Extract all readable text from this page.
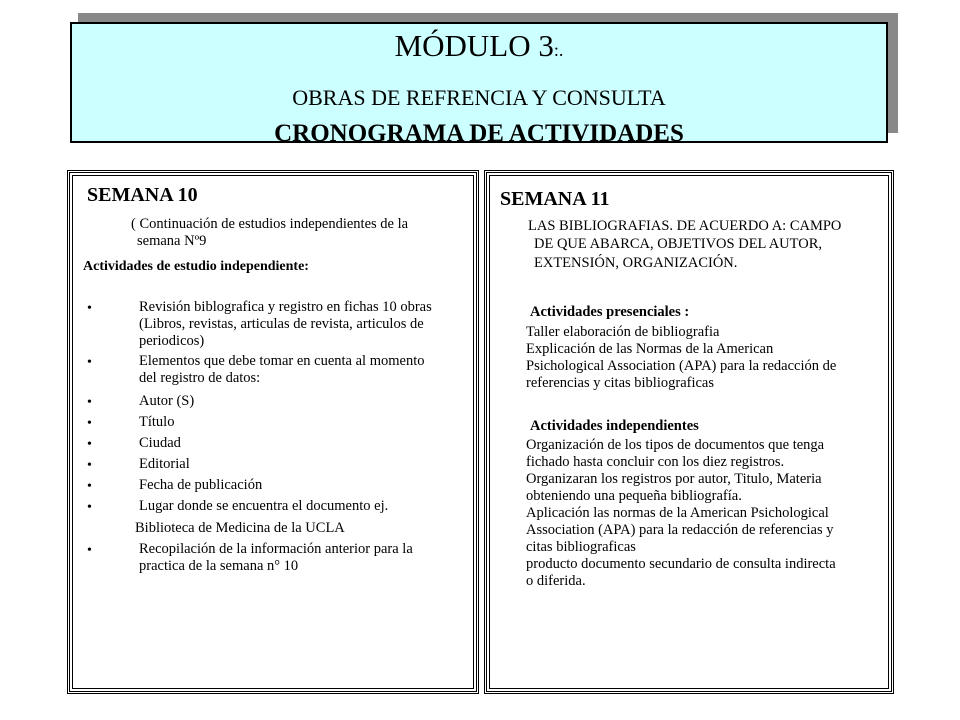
MÓDULO 3:.
OBRAS DE REFRENCIA Y CONSULTA
CRONOGRAMA DE ACTIVIDADES
SEMANA 10
( Continuación de estudios independientes de la
semana Nº9
Actividades de estudio independiente:
•	Revisión biblografica y registro en fichas 10 obras
(Libros, revistas, articulas de revista, articulos de
periodicos)
•	Elementos que debe tomar en cuenta al momento
del registro de datos:
•	Autor (S)
•	Título
•	Ciudad
•	Editorial
•	Fecha de publicación
•	Lugar donde se encuentra el documento ej.
Biblioteca de Medicina de la UCLA
•	Recopilación de la información anterior para la
practica de la semana n° 10
SEMANA 11
LAS BIBLIOGRAFIAS. DE ACUERDO A: CAMPO
DE QUE ABARCA, OBJETIVOS DEL AUTOR,
EXTENSIÓN, ORGANIZACIÓN.
Actividades presenciales :
Taller elaboración de bibliografia
Explicación de las Normas de la American
Psichological Association (APA) para la redacción de
referencias y citas bibliograficas
Actividades independientes
Organización de los tipos de documentos que tenga
fichado hasta concluir con los diez registros.
Organizaran los registros por autor, Titulo, Materia
obteniendo una pequeña bibliografía.
Aplicación las normas de la American Psichological
Association (APA) para la redacción de referencias y
citas bibliograficas
producto documento secundario de consulta indirecta
o diferida.
